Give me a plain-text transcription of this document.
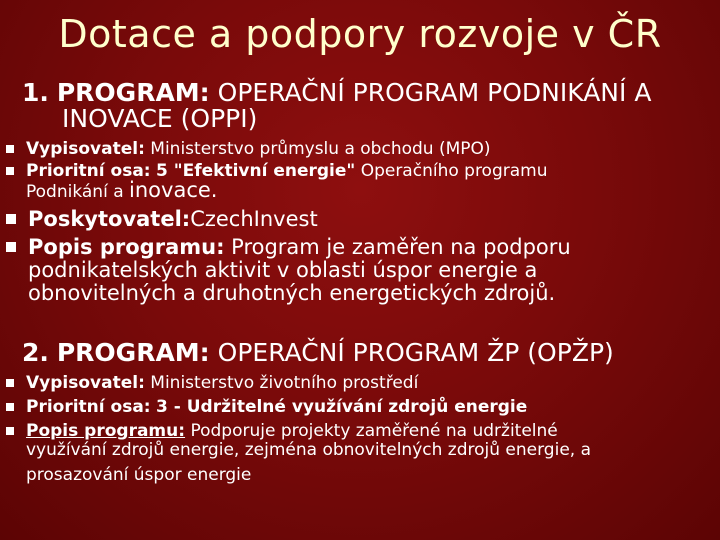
Dotace a podpory rozvoje v ČR
1. PROGRAM: OPERAČNÍ PROGRAM PODNIKÁNÍ A
INOVACE (OPPI)
Vypisovatel: Ministerstvo průmyslu a obchodu (MPO)
Prioritní osa: 5 "Efektivní energie" Operačního programu
Podnikání a inovace.
Poskytovatel:CzechInvest
Popis programu: Program je zaměřen na podporu
podnikatelských aktivit v oblasti úspor energie a
obnovitelných a druhotných energetických zdrojů.
2. PROGRAM: OPERAČNÍ PROGRAM ŽP (OPŽP)
Vypisovatel: Ministerstvo životního prostředí
Prioritní osa: 3 - Udržitelné využívání zdrojů energie
Popis programu: Podporuje projekty zaměřené na udržitelné
využívání zdrojů energie, zejména obnovitelných zdrojů energie, a
prosazování úspor energie
